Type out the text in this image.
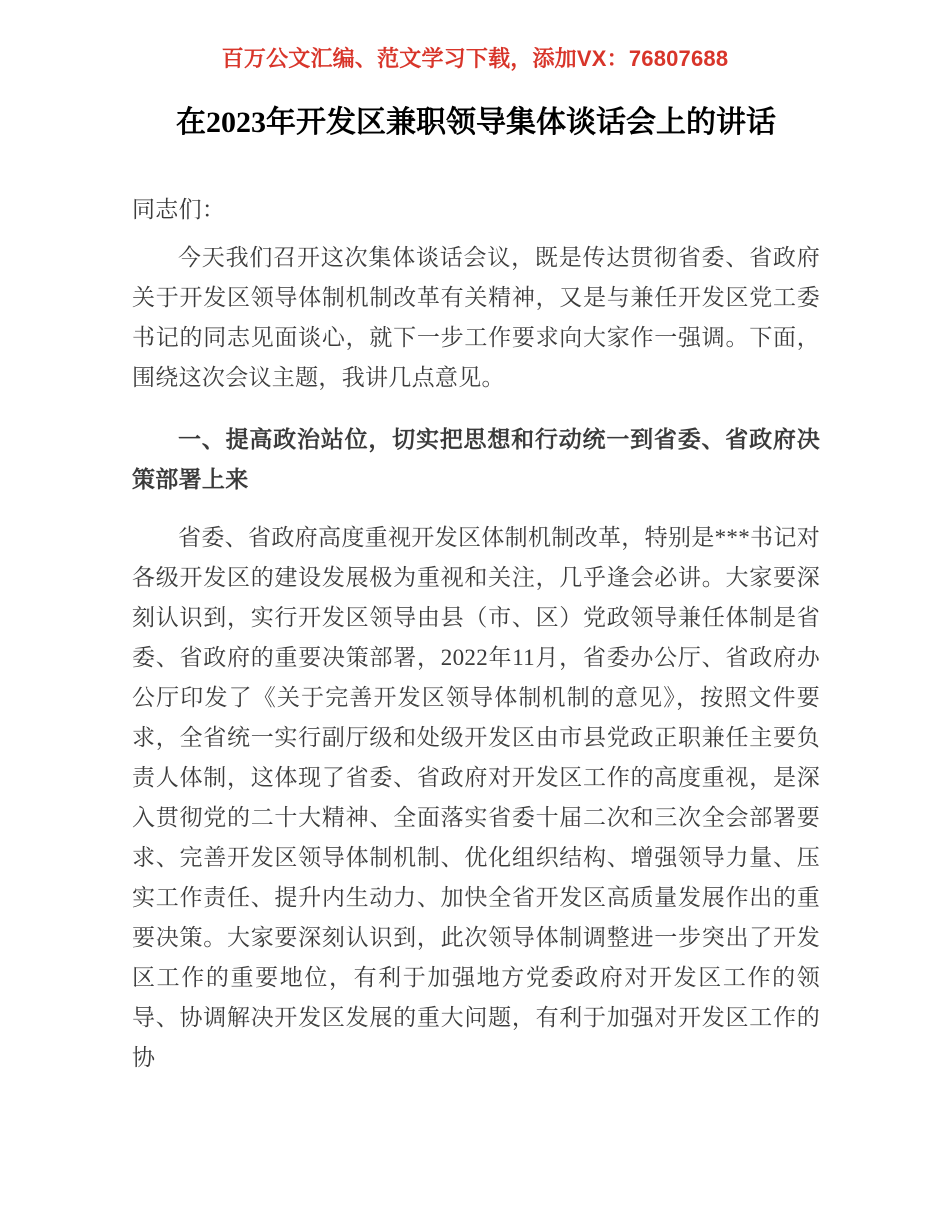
百万公文汇编、范文学习下载，添加VX：76807688
在2023年开发区兼职领导集体谈话会上的讲话

同志们：

今天我们召开这次集体谈话会议，既是传达贯彻省委、省政府关于开发区领导体制机制改革有关精神，又是与兼任开发区党工委书记的同志见面谈心，就下一步工作要求向大家作一强调。下面，围绕这次会议主题，我讲几点意见。

一、提高政治站位，切实把思想和行动统一到省委、省政府决策部署上来

省委、省政府高度重视开发区体制机制改革，特别是***书记对各级开发区的建设发展极为重视和关注，几乎逢会必讲。大家要深刻认识到，实行开发区领导由县（市、区）党政领导兼任体制是省委、省政府的重要决策部署，2022年11月，省委办公厅、省政府办公厅印发了《关于完善开发区领导体制机制的意见》，按照文件要求，全省统一实行副厅级和处级开发区由市县党政正职兼任主要负责人体制，这体现了省委、省政府对开发区工作的高度重视，是深入贯彻党的二十大精神、全面落实省委十届二次和三次全会部署要求、完善开发区领导体制机制、优化组织结构、增强领导力量、压实工作责任、提升内生动力、加快全省开发区高质量发展作出的重要决策。大家要深刻认识到，此次领导体制调整进一步突出了开发区工作的重要地位，有利于加强地方党委政府对开发区工作的领导、协调解决开发区发展的重大问题，有利于加强对开发区工作的协
